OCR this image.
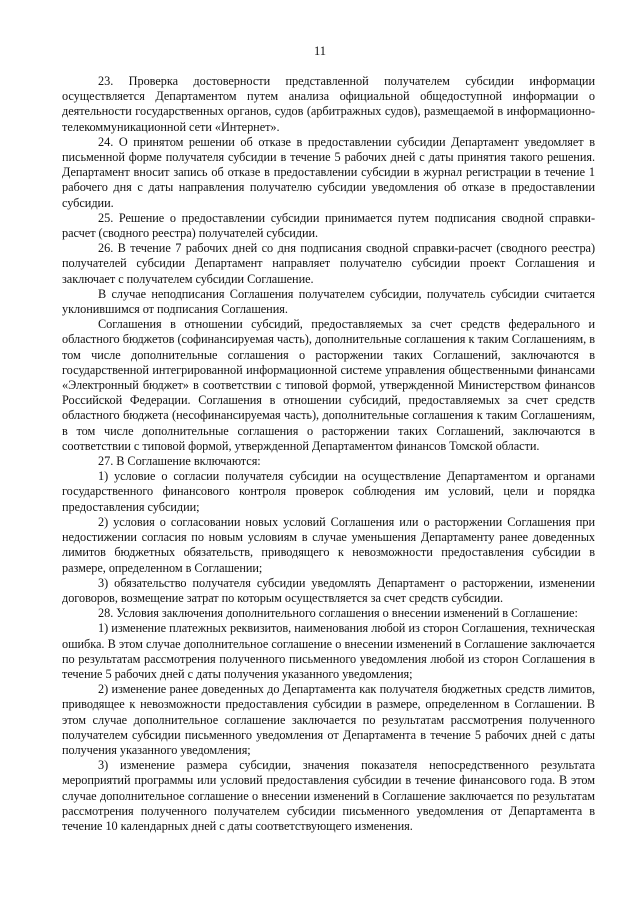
11

23. Проверка достоверности представленной получателем субсидии информации осуществляется Департаментом путем анализа официальной общедоступной информации о деятельности государственных органов, судов (арбитражных судов), размещаемой в информационно-телекоммуникационной сети «Интернет».

24. О принятом решении об отказе в предоставлении субсидии Департамент уведомляет в письменной форме получателя субсидии в течение 5 рабочих дней с даты принятия такого решения. Департамент вносит запись об отказе в предоставлении субсидии в журнал регистрации в течение 1 рабочего дня с даты направления получателю субсидии уведомления об отказе в предоставлении субсидии.

25. Решение о предоставлении субсидии принимается путем подписания сводной справки-расчет (сводного реестра) получателей субсидии.

26. В течение 7 рабочих дней со дня подписания сводной справки-расчет (сводного реестра) получателей субсидии Департамент направляет получателю субсидии проект Соглашения и заключает с получателем субсидии Соглашение.

В случае неподписания Соглашения получателем субсидии, получатель субсидии считается уклонившимся от подписания Соглашения.

Соглашения в отношении субсидий, предоставляемых за счет средств федерального и областного бюджетов (софинансируемая часть), дополнительные соглашения к таким Соглашениям, в том числе дополнительные соглашения о расторжении таких Соглашений, заключаются в государственной интегрированной информационной системе управления общественными финансами «Электронный бюджет» в соответствии с типовой формой, утвержденной Министерством финансов Российской Федерации. Соглашения в отношении субсидий, предоставляемых за счет средств областного бюджета (несофинансируемая часть), дополнительные соглашения к таким Соглашениям, в том числе дополнительные соглашения о расторжении таких Соглашений, заключаются в соответствии с типовой формой, утвержденной Департаментом финансов Томской области.

27. В Соглашение включаются:

1) условие о согласии получателя субсидии на осуществление Департаментом и органами государственного финансового контроля проверок соблюдения им условий, цели и порядка предоставления субсидии;

2) условия о согласовании новых условий Соглашения или о расторжении Соглашения при недостижении согласия по новым условиям в случае уменьшения Департаменту ранее доведенных лимитов бюджетных обязательств, приводящего к невозможности предоставления субсидии в размере, определенном в Соглашении;

3) обязательство получателя субсидии уведомлять Департамент о расторжении, изменении договоров, возмещение затрат по которым осуществляется за счет средств субсидии.

28. Условия заключения дополнительного соглашения о внесении изменений в Соглашение:

1) изменение платежных реквизитов, наименования любой из сторон Соглашения, техническая ошибка. В этом случае дополнительное соглашение о внесении изменений в Соглашение заключается по результатам рассмотрения полученного письменного уведомления любой из сторон Соглашения в течение 5 рабочих дней с даты получения указанного уведомления;

2) изменение ранее доведенных до Департамента как получателя бюджетных средств лимитов, приводящее к невозможности предоставления субсидии в размере, определенном в Соглашении. В этом случае дополнительное соглашение заключается по результатам рассмотрения полученного получателем субсидии письменного уведомления от Департамента в течение 5 рабочих дней с даты получения указанного уведомления;

3) изменение размера субсидии, значения показателя непосредственного результата мероприятий программы или условий предоставления субсидии в течение финансового года. В этом случае дополнительное соглашение о внесении изменений в Соглашение заключается по результатам рассмотрения полученного получателем субсидии письменного уведомления от Департамента в течение 10 календарных дней с даты соответствующего изменения.
